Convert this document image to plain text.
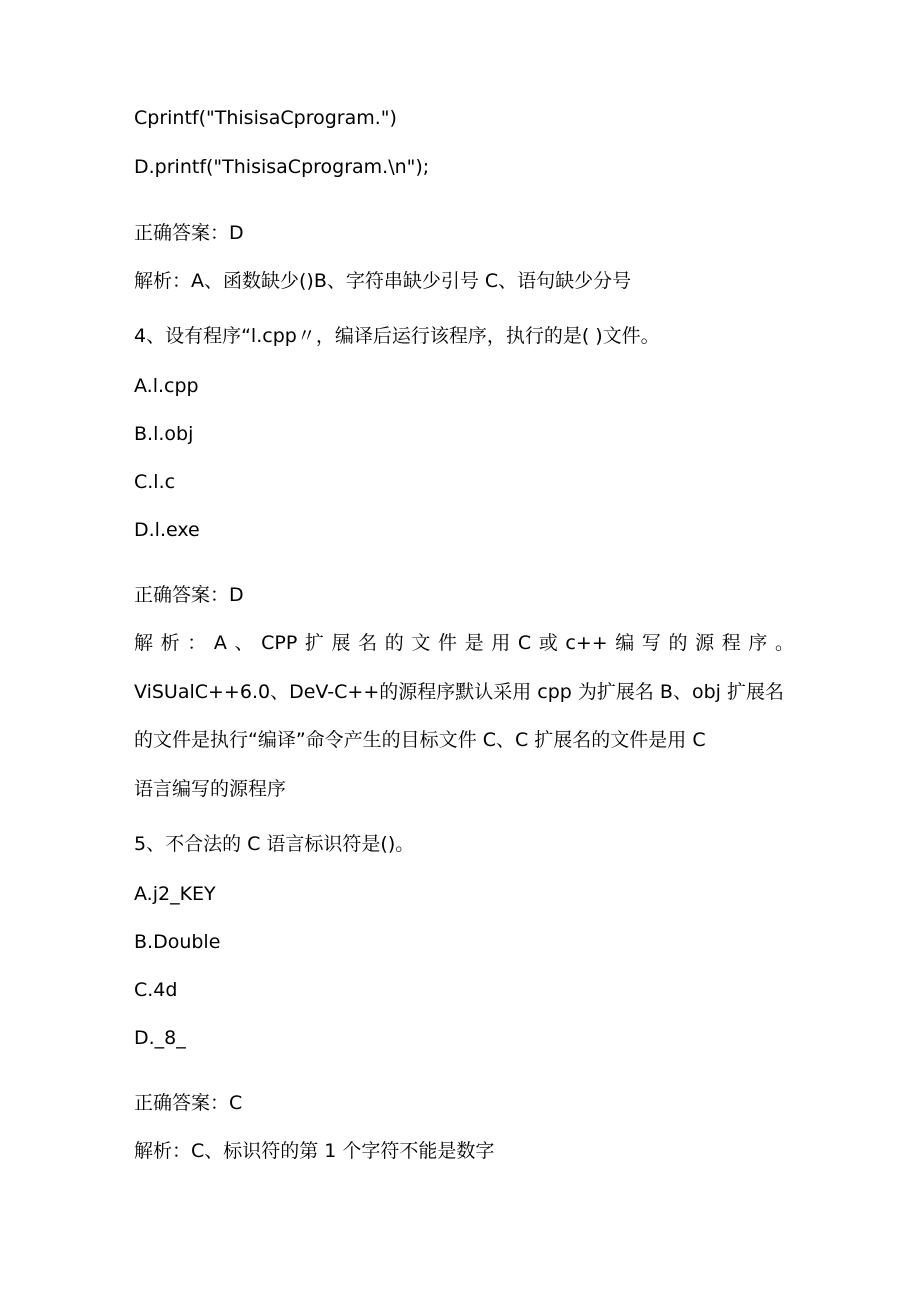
Cprintf("ThisisaCprogram.")
D.printf("ThisisaCprogram.\n");
正确答案：D
解析：A、函数缺少()B、字符串缺少引号 C、语句缺少分号
4、设有程序“l.cpp〃，编译后运行该程序，执行的是( )文件。
A.l.cpp
B.l.obj
C.l.c
D.l.exe
正确答案：D
解析：A、CPP扩展名的文件是用C或c++编写的源程序。
ViSUalC++6.0、DeV-C++的源程序默认采用 cpp 为扩展名 B、obj 扩展名
的文件是执行“编译”命令产生的目标文件 C、C 扩展名的文件是用 C
语言编写的源程序
5、不合法的 C 语言标识符是()。
A.j2_KEY
B.Double
C.4d
D._8_
正确答案：C
解析：C、标识符的第 1 个字符不能是数字
